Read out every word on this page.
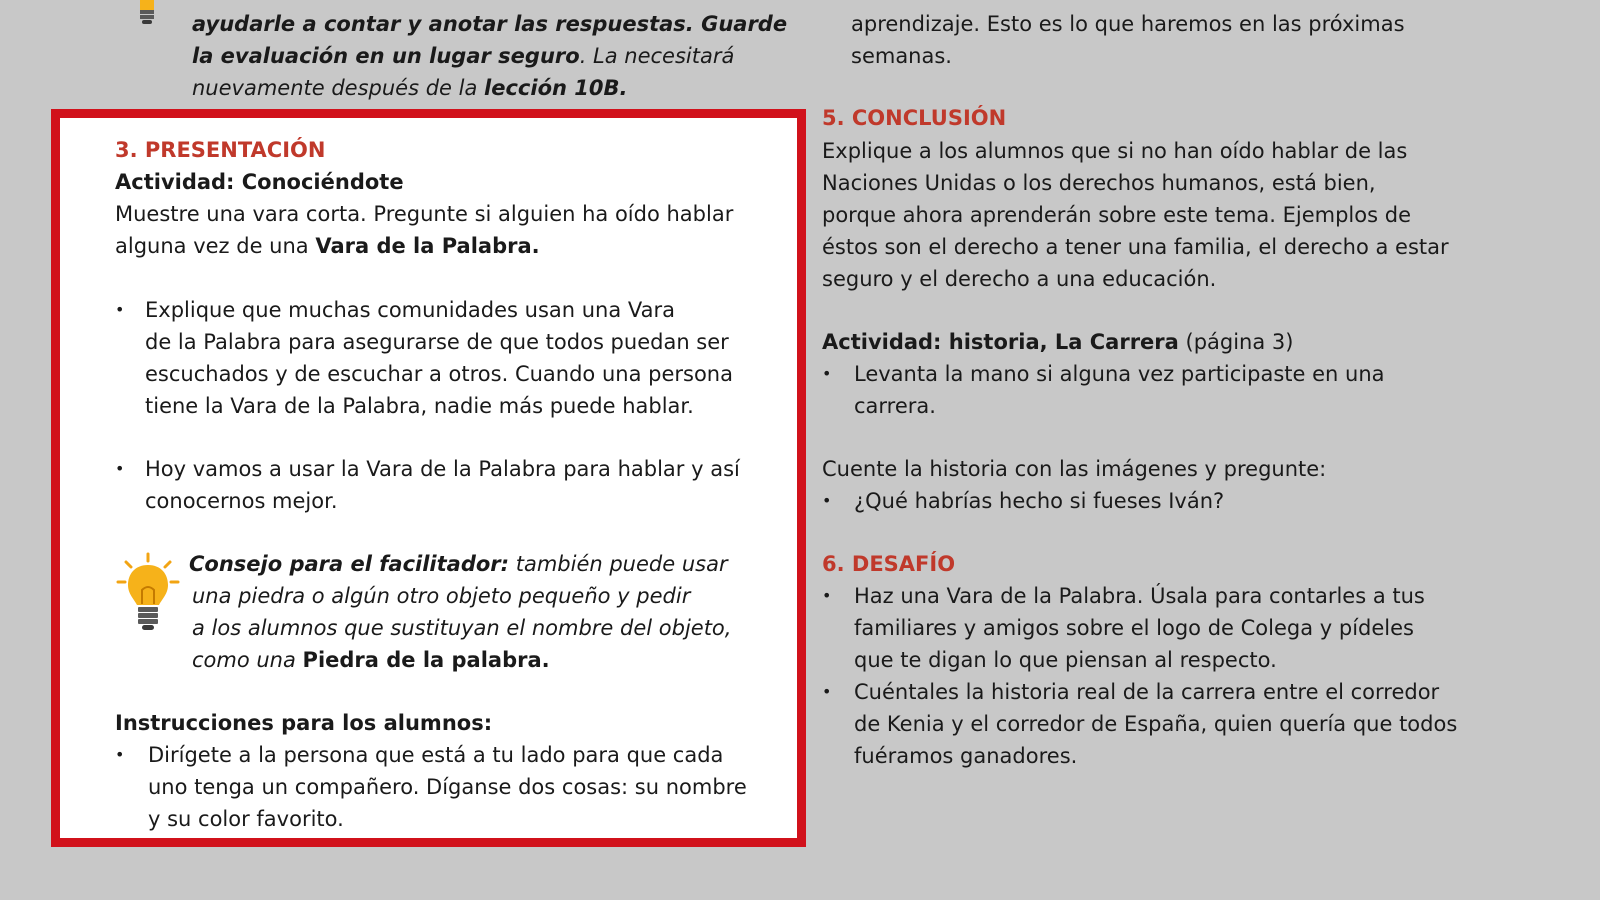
ayudarle a contar y anotar las respuestas. Guarde
la evaluación en un lugar seguro. La necesitará
nuevamente después de la lección 10B.
aprendizaje. Esto es lo que haremos en las próximas
semanas.
3. PRESENTACIÓN
Actividad: Conociéndote
Muestre una vara corta. Pregunte si alguien ha oído hablar
alguna vez de una Vara de la Palabra.
• Explique que muchas comunidades usan una Vara
de la Palabra para asegurarse de que todos puedan ser
escuchados y de escuchar a otros. Cuando una persona
tiene la Vara de la Palabra, nadie más puede hablar.
• Hoy vamos a usar la Vara de la Palabra para hablar y así
conocernos mejor.
Consejo para el facilitador: también puede usar
una piedra o algún otro objeto pequeño y pedir
a los alumnos que sustituyan el nombre del objeto,
como una Piedra de la palabra.
Instrucciones para los alumnos:
• Dirígete a la persona que está a tu lado para que cada
uno tenga un compañero. Díganse dos cosas: su nombre
y su color favorito.
5. CONCLUSIÓN
Explique a los alumnos que si no han oído hablar de las
Naciones Unidas o los derechos humanos, está bien,
porque ahora aprenderán sobre este tema. Ejemplos de
éstos son el derecho a tener una familia, el derecho a estar
seguro y el derecho a una educación.
Actividad: historia, La Carrera (página 3)
• Levanta la mano si alguna vez participaste en una
carrera.
Cuente la historia con las imágenes y pregunte:
• ¿Qué habrías hecho si fueses Iván?
6. DESAFÍO
• Haz una Vara de la Palabra. Úsala para contarles a tus
familiares y amigos sobre el logo de Colega y pídeles
que te digan lo que piensan al respecto.
• Cuéntales la historia real de la carrera entre el corredor
de Kenia y el corredor de España, quien quería que todos
fuéramos ganadores.
